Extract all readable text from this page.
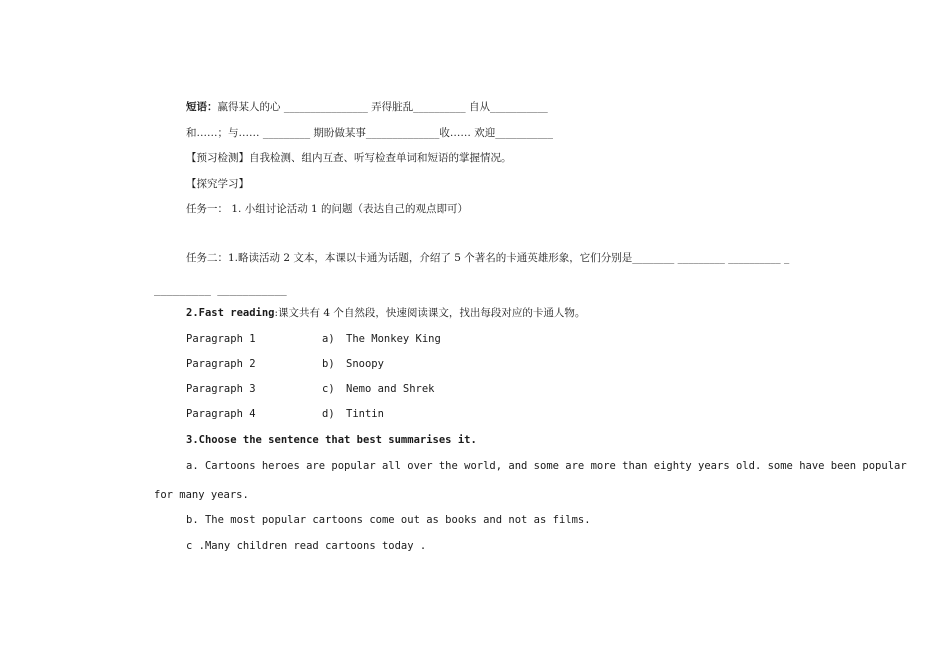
短语：赢得某人的心 ________________ 弄得脏乱__________ 自从___________
和……；与…… _________ 期盼做某事______________收…… 欢迎___________
【预习检测】自我检测、组内互查、听写检查单词和短语的掌握情况。
【探究学习】
任务一： 1. 小组讨论活动 1 的问题（表达自己的观点即可）
任务二：1.略读活动 2 文本，本课以卡通为话题，介绍了 5 个著名的卡通英雄形象，它们分别是________ _________ __________ _
_________ ___________
2.Fast reading:课文共有 4 个自然段，快速阅读课文，找出每段对应的卡通人物。
Paragraph 1	a) The Monkey King
Paragraph 2	b) Snoopy
Paragraph 3	c) Nemo and Shrek
Paragraph 4	d) Tintin
3.Choose the sentence that best summarises it.
a. Cartoons heroes are popular all over the world, and some are more than eighty years old. some have been popular
for many years.
b. The most popular cartoons come out as books and not as films.
c .Many children read cartoons today .
